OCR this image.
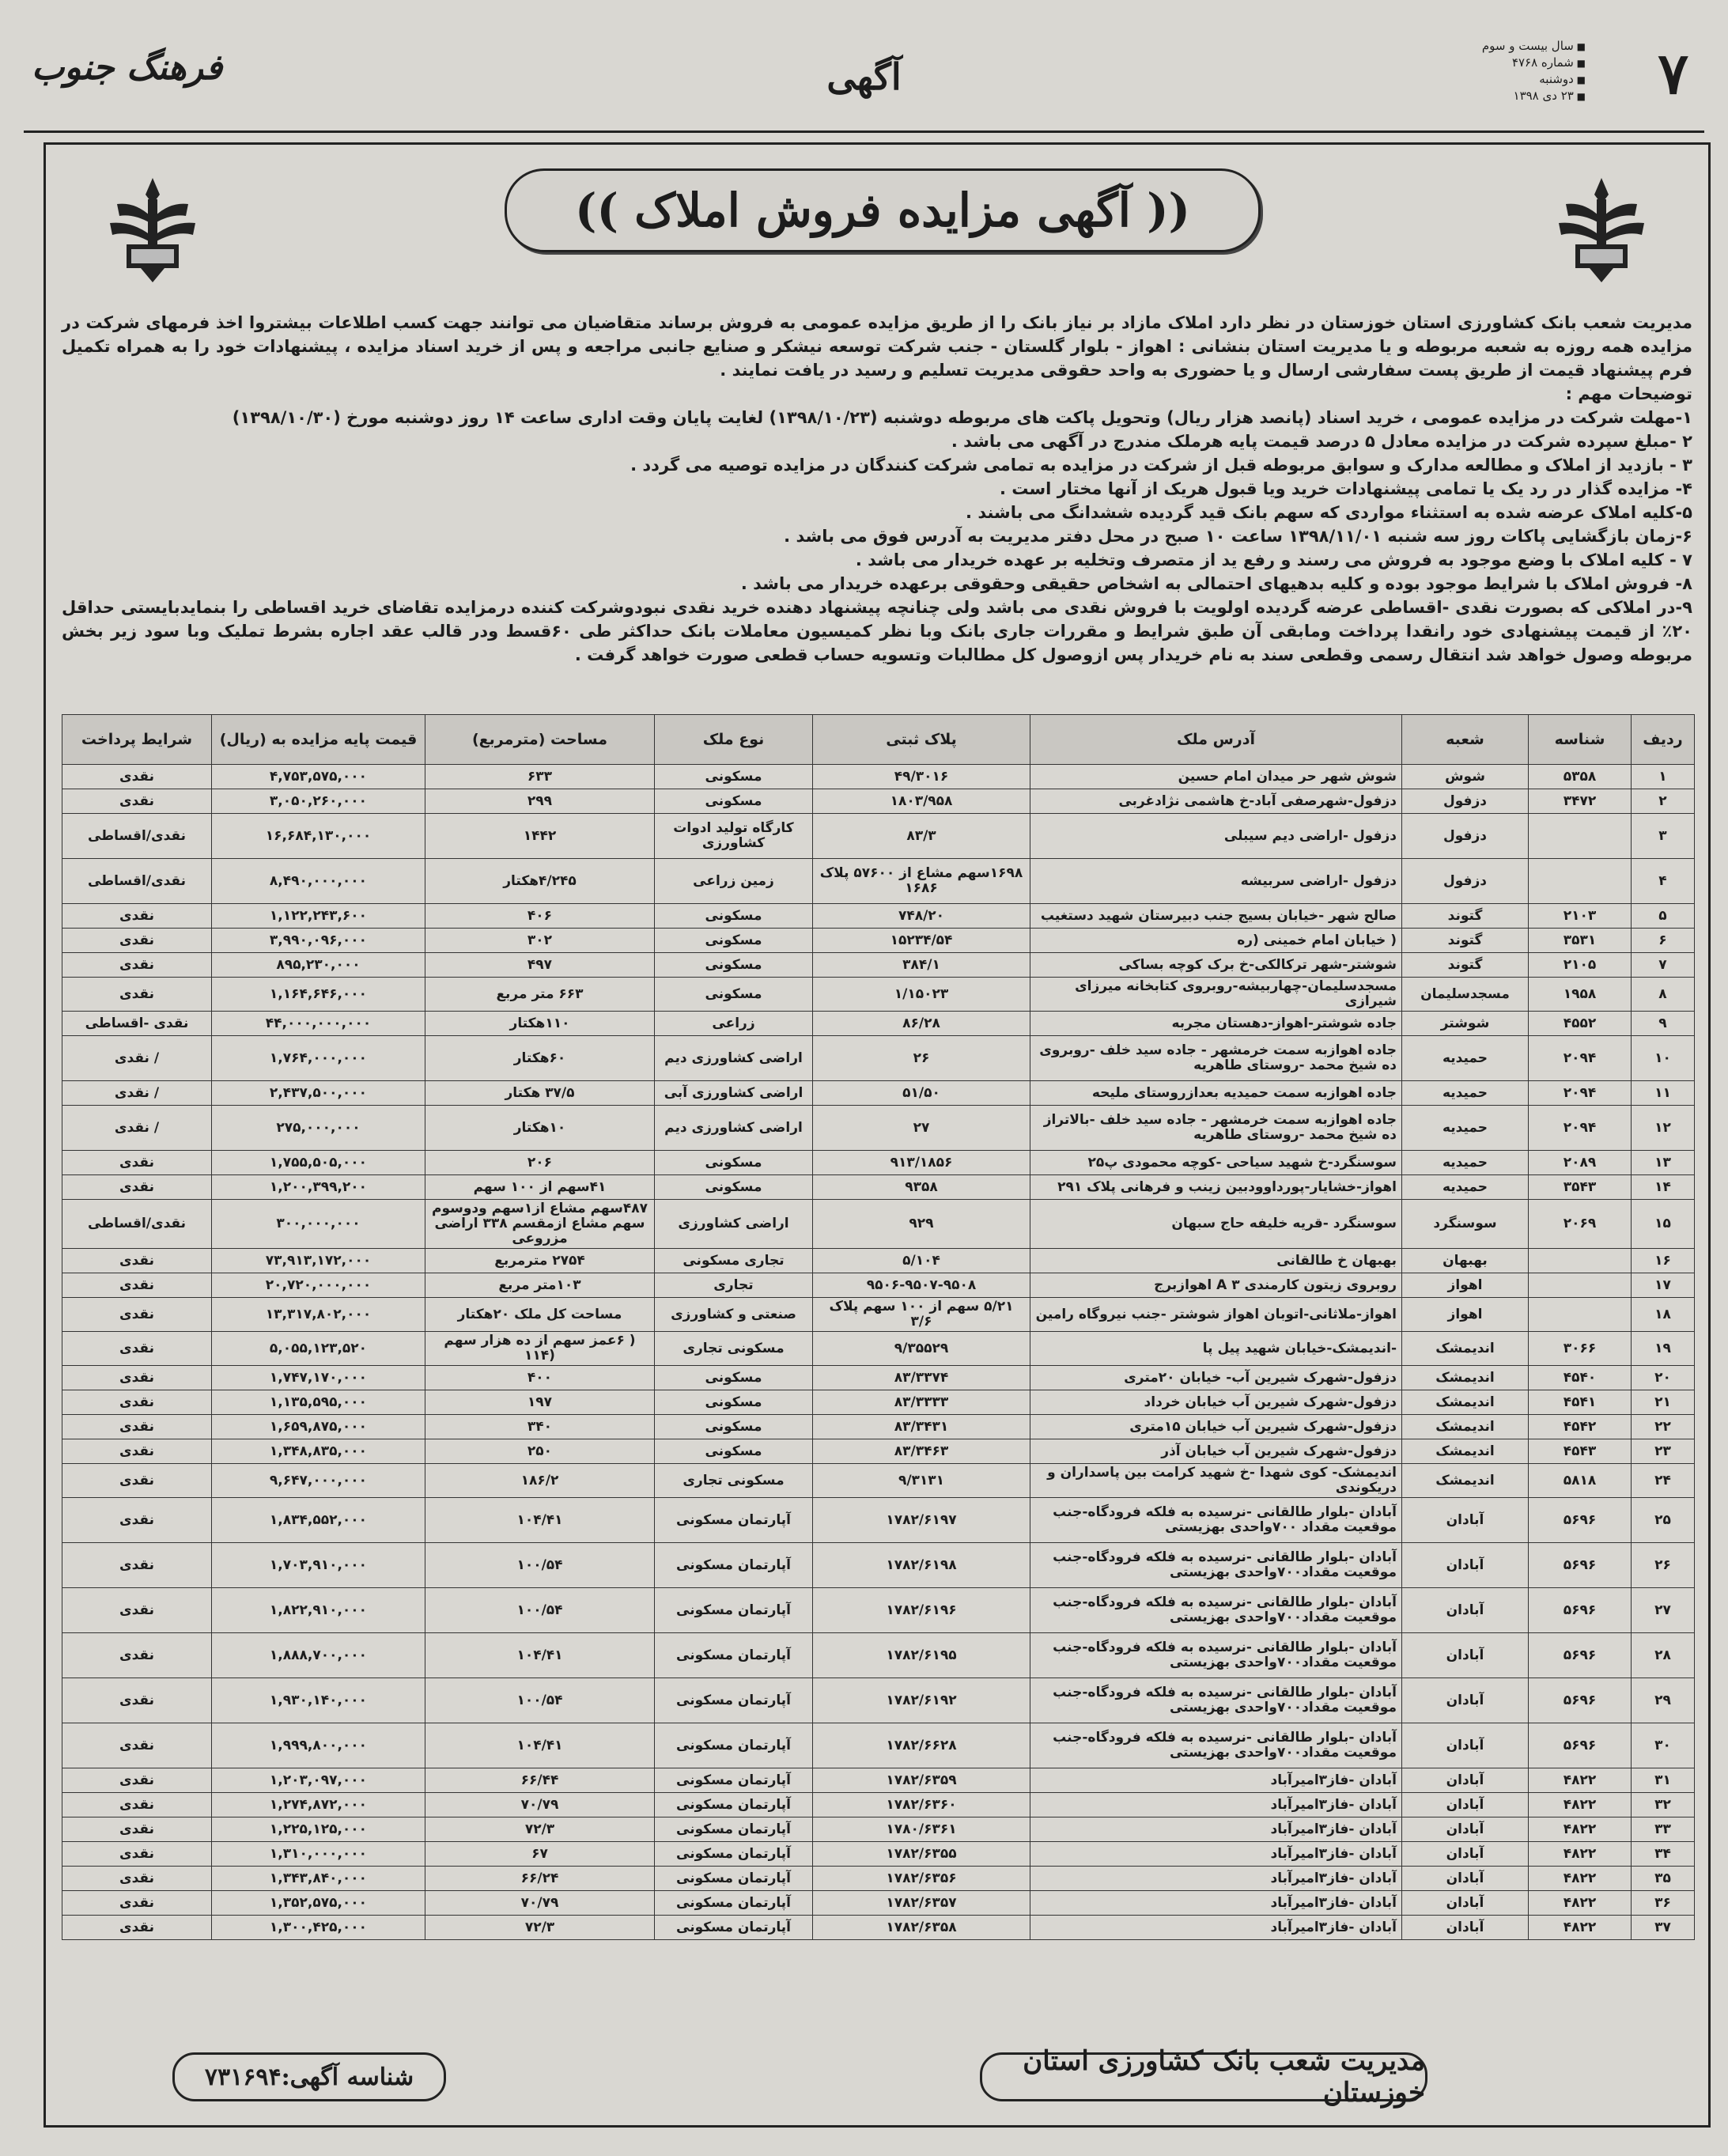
۷
■ سال بیست و سوم
■ شماره ۴۷۶۸
■ دوشنبه
■ ۲۳ دی ۱۳۹۸
آگهی
فرهنگ جنوب
(( آگهی مزایده فروش املاک ))

مدیریت شعب بانک کشاورزی استان خوزستان در نظر دارد املاک مازاد بر نیاز بانک را از طریق مزایده عمومی به فروش برساند متقاضیان می توانند جهت کسب اطلاعات بیشتروا اخذ فرمهای شرکت در مزایده همه روزه به شعبه مربوطه و یا مدیریت استان بنشانی : اهواز - بلوار گلستان - جنب شرکت توسعه نیشکر و صنایع جانبی مراجعه و پس از خرید اسناد مزایده ، پیشنهادات خود را به همراه تکمیل فرم پیشنهاد قیمت از طریق پست سفارشی ارسال و یا حضوری به واحد حقوقی مدیریت تسلیم و رسید در یافت نمایند .

توضیحات مهم :

۱-مهلت شرکت در مزایده عمومی ، خرید اسناد (پانصد هزار ریال) وتحویل پاکت های مربوطه دوشنبه (۱۳۹۸/۱۰/۲۳) لغایت پایان وقت اداری ساعت ۱۴ روز دوشنبه مورخ (۱۳۹۸/۱۰/۳۰)

۲ -مبلغ سپرده شرکت در مزایده معادل ۵ درصد قیمت پایه هرملک مندرج در آگهی می باشد .

۳ - بازدید از املاک و مطالعه مدارک و سوابق مربوطه قبل از شرکت در مزایده به تمامی شرکت کنندگان در مزایده توصیه می گردد .

۴- مزایده گذار در رد یک یا تمامی پیشنهادات خرید ویا قبول هریک از آنها مختار است .

۵-کلیه املاک عرضه شده به استثناء مواردی که سهم بانک قید گردیده ششدانگ می باشند .

۶-زمان بازگشایی پاکات روز سه شنبه ۱۳۹۸/۱۱/۰۱ ساعت ۱۰ صبح در محل دفتر مدیریت به آدرس فوق می باشد .

۷ - کلیه املاک با وضع موجود به فروش می رسند و رفع ید از متصرف وتخلیه بر عهده خریدار می باشد .

۸- فروش املاک با شرایط موجود بوده و کلیه بدهیهای احتمالی به اشخاص حقیقی وحقوقی برعهده خریدار می باشد .

۹-در املاکی که بصورت نقدی -اقساطی عرضه گردیده اولویت با فروش نقدی می باشد ولی چنانچه پیشنهاد دهنده خرید نقدی نبودوشرکت کننده درمزایده تقاضای خرید اقساطی را بنمایدبایستی حداقل ۲۰٪ از قیمت پیشنهادی خود رانقدا پرداخت ومابقی آن طبق شرایط و مقررات جاری بانک وبا نظر کمیسیون معاملات بانک حداکثر طی ۶۰قسط ودر قالب عقد اجاره بشرط تملیک وبا سود زیر بخش مربوطه وصول خواهد شد انتقال رسمی وقطعی سند به نام خریدار پس ازوصول کل مطالبات وتسویه حساب قطعی صورت خواهد گرفت .

ردیف	شناسه	شعبه	آدرس ملک	پلاک ثبتی	نوع ملک	مساحت (مترمربع)	قیمت پایه مزایده به (ریال)	شرایط پرداخت
۱	۵۳۵۸	شوش	شوش شهر حر میدان امام حسین	۴۹/۳۰۱۶	مسکونی	۶۳۳	۴,۷۵۳,۵۷۵,۰۰۰	نقدی
۲	۳۴۷۲	دزفول	دزفول-شهرصفی آباد-خ هاشمی نژادغربی	۱۸۰۳/۹۵۸	مسکونی	۲۹۹	۳,۰۵۰,۲۶۰,۰۰۰	نقدی
۳		دزفول	دزفول -اراضی دیم سیبلی	۸۳/۳	کارگاه تولید ادوات کشاورزی	۱۴۴۲	۱۶,۶۸۴,۱۳۰,۰۰۰	نقدی/اقساطی
۴		دزفول	دزفول -اراضی سربیشه	۱۶۹۸سهم مشاع از ۵۷۶۰۰ پلاک ۱۶۸۶	زمین زراعی	۴/۲۴۵هکتار	۸,۴۹۰,۰۰۰,۰۰۰	نقدی/اقساطی
۵	۲۱۰۳	گتوند	صالح شهر -خیابان بسیج جنب دبیرستان شهید دستغیب	۷۴۸/۲۰	مسکونی	۴۰۶	۱,۱۲۲,۲۴۳,۶۰۰	نقدی
۶	۳۵۳۱	گتوند	( خیابان امام خمینی (ره	۱۵۲۳۴/۵۴	مسکونی	۳۰۲	۳,۹۹۰,۰۹۶,۰۰۰	نقدی
۷	۲۱۰۵	گتوند	شوشتر-شهر ترکالکی-خ برک کوچه بساکی	۳۸۴/۱	مسکونی	۴۹۷	۸۹۵,۲۳۰,۰۰۰	نقدی
۸	۱۹۵۸	مسجدسلیمان	مسجدسلیمان-چهاربیشه-روبروی کتابخانه میرزای شیرازی	۱/۱۵۰۲۳	مسکونی	۶۶۳ متر مربع	۱,۱۶۴,۶۴۶,۰۰۰	نقدی
۹	۴۵۵۲	شوشتر	جاده شوشتر-اهواز-دهستان مجربه	۸۶/۲۸	زراعی	۱۱۰هکتار	۴۴,۰۰۰,۰۰۰,۰۰۰	نقدی -اقساطی
۱۰	۲۰۹۴	حمیدیه	جاده اهوازبه سمت خرمشهر - جاده سید خلف -روبروی ده شیخ محمد -روستای طاهریه	۲۶	اراضی کشاورزی دیم	۶۰هکتار	۱,۷۶۴,۰۰۰,۰۰۰	/ نقدی
۱۱	۲۰۹۴	حمیدیه	جاده اهوازبه سمت حمیدیه بعدازروستای ملیحه	۵۱/۵۰	اراضی کشاورزی آبی	۳۷/۵ هکتار	۲,۴۳۷,۵۰۰,۰۰۰	/ نقدی
۱۲	۲۰۹۴	حمیدیه	جاده اهوازبه سمت خرمشهر - جاده سید خلف -بالاتراز ده شیخ محمد -روستای طاهریه	۲۷	اراضی کشاورزی دیم	۱۰هکتار	۲۷۵,۰۰۰,۰۰۰	/ نقدی
۱۳	۲۰۸۹	حمیدیه	سوسنگرد-خ شهید سیاحی -کوچه محمودی پ۲۵	۹۱۳/۱۸۵۶	مسکونی	۲۰۶	۱,۷۵۵,۵۰۵,۰۰۰	نقدی
۱۴	۳۵۴۳	حمیدیه	اهواز-خشایار-پورداوودبین زینب و فرهانی پلاک ۲۹۱	۹۳۵۸	مسکونی	۴۱سهم از ۱۰۰ سهم	۱,۲۰۰,۳۹۹,۲۰۰	نقدی
۱۵	۲۰۶۹	سوسنگرد	سوسنگرد -قریه خلیفه حاج سبهان	۹۲۹	اراضی کشاورزی	۴۸۷سهم مشاع از۱سهم ودوسوم سهم مشاع ازمقسم ۳۳۸ اراضی مزروعی	۳۰۰,۰۰۰,۰۰۰	نقدی/اقساطی
۱۶		بهبهان	بهبهان خ طالقانی	۵/۱۰۴	تجاری مسکونی	۲۷۵۴ مترمربع	۷۳,۹۱۳,۱۷۲,۰۰۰	نقدی
۱۷		اهواز	روبروی زیتون کارمندی ۳ A اهوازبرج	۹۵۰۶-۹۵۰۷-۹۵۰۸	تجاری	۱۰۳متر مربع	۲۰,۷۲۰,۰۰۰,۰۰۰	نقدی
۱۸		اهواز	اهواز-ملاثانی-اتوبان اهواز شوشتر -جنب نیروگاه رامین	۵/۲۱ سهم از ۱۰۰ سهم پلاک ۳/۶	صنعتی و کشاورزی	مساحت کل ملک ۲۰هکتار	۱۳,۳۱۷,۸۰۲,۰۰۰	نقدی
۱۹	۳۰۶۶	اندیمشک	-اندیمشک-خیابان شهید پیل پا	۹/۳۵۵۲۹	مسکونی تجاری	( ۶عمز سهم از ده هزار سهم (۱۱۴	۵,۰۵۵,۱۲۳,۵۲۰	نقدی
۲۰	۴۵۴۰	اندیمشک	دزفول-شهرک شیرین آب- خیابان ۲۰متری	۸۳/۳۳۷۴	مسکونی	۴۰۰	۱,۷۴۷,۱۷۰,۰۰۰	نقدی
۲۱	۴۵۴۱	اندیمشک	دزفول-شهرک شیرین آب خیابان خرداد	۸۳/۳۳۳۳	مسکونی	۱۹۷	۱,۱۳۵,۵۹۵,۰۰۰	نقدی
۲۲	۴۵۴۲	اندیمشک	دزفول-شهرک شیرین آب خیابان ۱۵متری	۸۳/۳۴۳۱	مسکونی	۳۴۰	۱,۶۵۹,۸۷۵,۰۰۰	نقدی
۲۳	۴۵۴۳	اندیمشک	دزفول-شهرک شیرین آب خیابان آذر	۸۳/۳۴۶۳	مسکونی	۲۵۰	۱,۳۴۸,۸۳۵,۰۰۰	نقدی
۲۴	۵۸۱۸	اندیمشک	اندیمشک- کوی شهدا -خ شهید کرامت بین پاسداران و دریکوندی	۹/۳۱۳۱	مسکونی تجاری	۱۸۶/۲	۹,۶۴۷,۰۰۰,۰۰۰	نقدی
۲۵	۵۶۹۶	آبادان	آبادان -بلوار طالقانی -نرسیده به فلکه فرودگاه-جنب موقعیت مقداد ۷۰۰واحدی بهزیستی	۱۷۸۲/۶۱۹۷	آپارتمان مسکونی	۱۰۴/۴۱	۱,۸۳۴,۵۵۲,۰۰۰	نقدی
۲۶	۵۶۹۶	آبادان	آبادان -بلوار طالقانی -نرسیده به فلکه فرودگاه-جنب موقعیت مقداد۷۰۰واحدی بهزیستی	۱۷۸۲/۶۱۹۸	آپارتمان مسکونی	۱۰۰/۵۴	۱,۷۰۳,۹۱۰,۰۰۰	نقدی
۲۷	۵۶۹۶	آبادان	آبادان -بلوار طالقانی -نرسیده به فلکه فرودگاه-جنب موقعیت مقداد۷۰۰واحدی بهزیستی	۱۷۸۲/۶۱۹۶	آپارتمان مسکونی	۱۰۰/۵۴	۱,۸۲۲,۹۱۰,۰۰۰	نقدی
۲۸	۵۶۹۶	آبادان	آبادان -بلوار طالقانی -نرسیده به فلکه فرودگاه-جنب موقعیت مقداد۷۰۰واحدی بهزیستی	۱۷۸۲/۶۱۹۵	آپارتمان مسکونی	۱۰۴/۴۱	۱,۸۸۸,۷۰۰,۰۰۰	نقدی
۲۹	۵۶۹۶	آبادان	آبادان -بلوار طالقانی -نرسیده به فلکه فرودگاه-جنب موقعیت مقداد۷۰۰واحدی بهزیستی	۱۷۸۲/۶۱۹۲	آپارتمان مسکونی	۱۰۰/۵۴	۱,۹۳۰,۱۴۰,۰۰۰	نقدی
۳۰	۵۶۹۶	آبادان	آبادان -بلوار طالقانی -نرسیده به فلکه فرودگاه-جنب موقعیت مقداد۷۰۰واحدی بهزیستی	۱۷۸۲/۶۶۲۸	آپارتمان مسکونی	۱۰۴/۴۱	۱,۹۹۹,۸۰۰,۰۰۰	نقدی
۳۱	۴۸۲۲	آبادان	آبادان -فاز۳امیرآباد	۱۷۸۲/۶۳۵۹	آپارتمان مسکونی	۶۶/۴۴	۱,۲۰۳,۰۹۷,۰۰۰	نقدی
۳۲	۴۸۲۲	آبادان	آبادان -فاز۳امیرآباد	۱۷۸۲/۶۳۶۰	آپارتمان مسکونی	۷۰/۷۹	۱,۲۷۴,۸۷۲,۰۰۰	نقدی
۳۳	۴۸۲۲	آبادان	آبادان -فاز۳امیرآباد	۱۷۸۰/۶۳۶۱	آپارتمان مسکونی	۷۲/۳	۱,۲۲۵,۱۲۵,۰۰۰	نقدی
۳۴	۴۸۲۲	آبادان	آبادان -فاز۳امیرآباد	۱۷۸۲/۶۳۵۵	آپارتمان مسکونی	۶۷	۱,۳۱۰,۰۰۰,۰۰۰	نقدی
۳۵	۴۸۲۲	آبادان	آبادان -فاز۳امیرآباد	۱۷۸۲/۶۳۵۶	آپارتمان مسکونی	۶۶/۲۴	۱,۳۴۳,۸۴۰,۰۰۰	نقدی
۳۶	۴۸۲۲	آبادان	آبادان -فاز۳امیرآباد	۱۷۸۲/۶۳۵۷	آپارتمان مسکونی	۷۰/۷۹	۱,۳۵۲,۵۷۵,۰۰۰	نقدی
۳۷	۴۸۲۲	آبادان	آبادان -فاز۳امیرآباد	۱۷۸۲/۶۳۵۸	آپارتمان مسکونی	۷۲/۳	۱,۳۰۰,۴۲۵,۰۰۰	نقدی
مدیریت شعب بانک کشاورزی استان خوزستان
شناسه آگهی:۷۳۱۶۹۴
